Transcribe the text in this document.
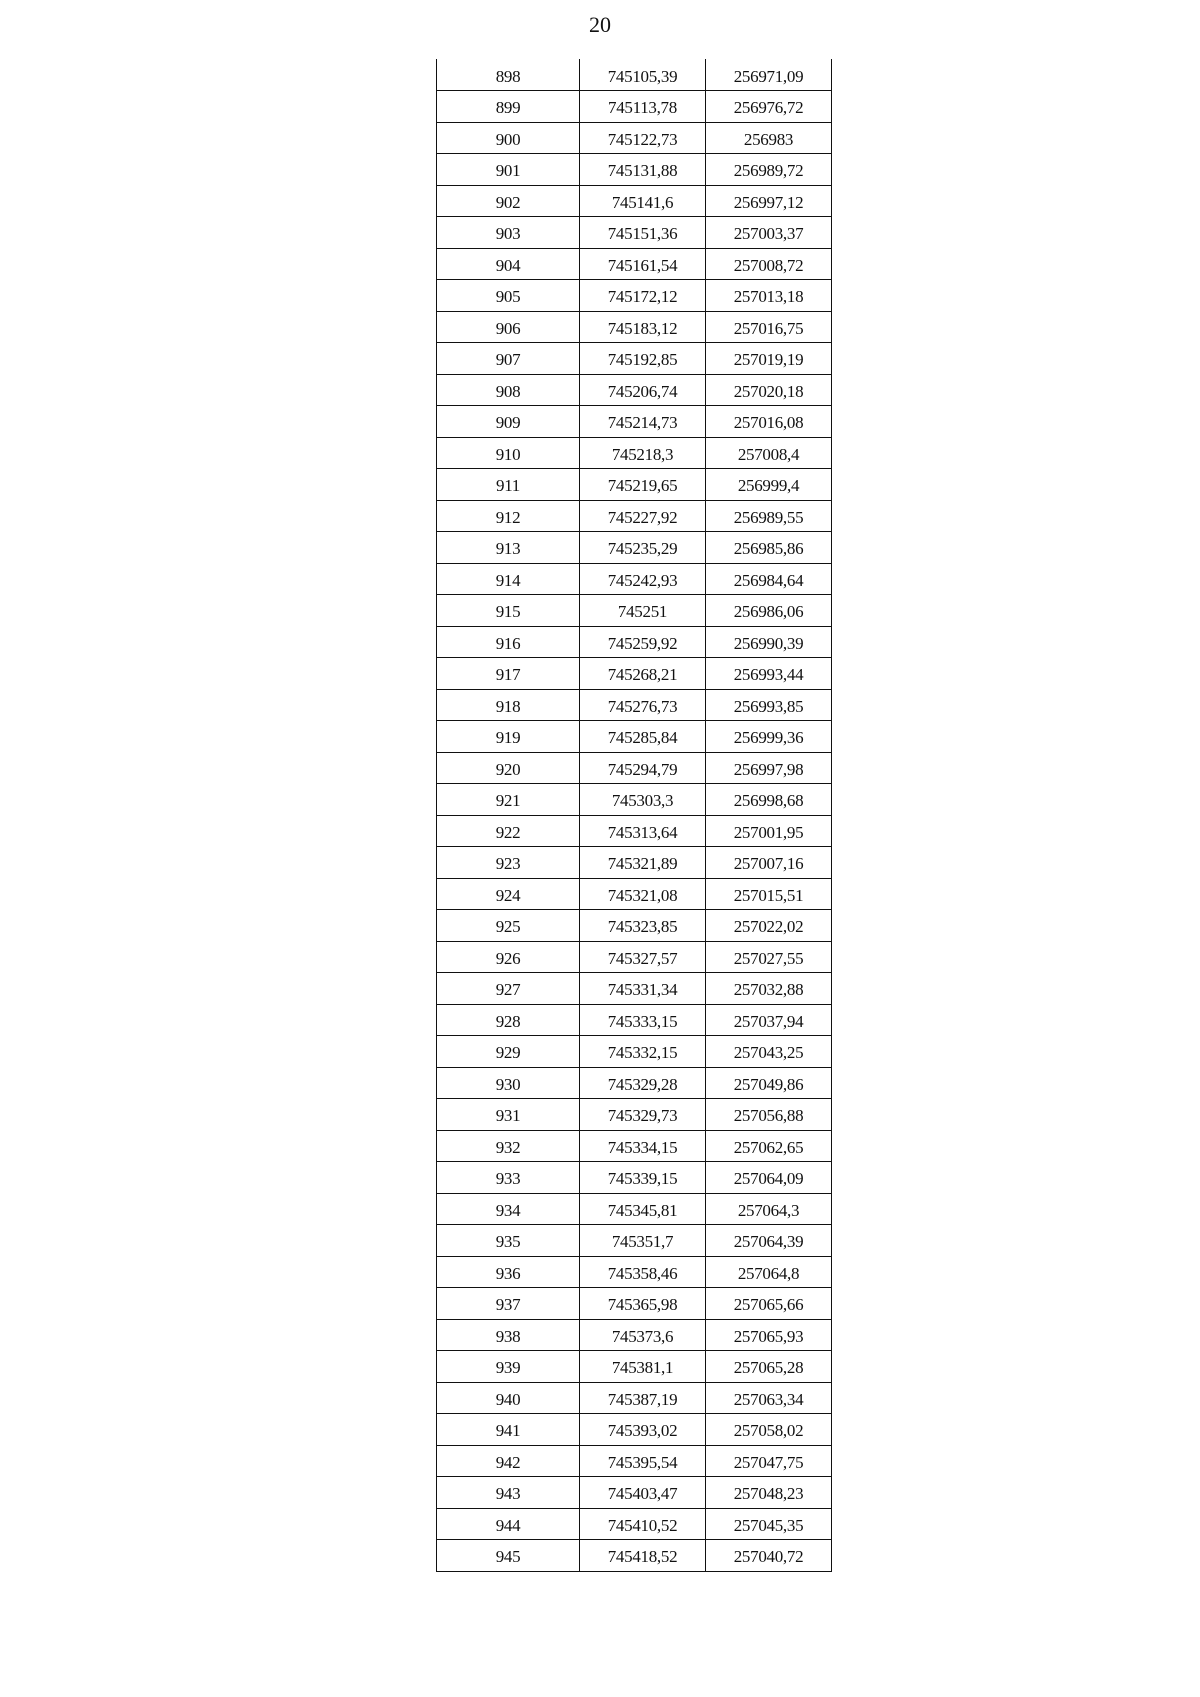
20
898	745105,39	256971,09
899	745113,78	256976,72
900	745122,73	256983
901	745131,88	256989,72
902	745141,6	256997,12
903	745151,36	257003,37
904	745161,54	257008,72
905	745172,12	257013,18
906	745183,12	257016,75
907	745192,85	257019,19
908	745206,74	257020,18
909	745214,73	257016,08
910	745218,3	257008,4
911	745219,65	256999,4
912	745227,92	256989,55
913	745235,29	256985,86
914	745242,93	256984,64
915	745251	256986,06
916	745259,92	256990,39
917	745268,21	256993,44
918	745276,73	256993,85
919	745285,84	256999,36
920	745294,79	256997,98
921	745303,3	256998,68
922	745313,64	257001,95
923	745321,89	257007,16
924	745321,08	257015,51
925	745323,85	257022,02
926	745327,57	257027,55
927	745331,34	257032,88
928	745333,15	257037,94
929	745332,15	257043,25
930	745329,28	257049,86
931	745329,73	257056,88
932	745334,15	257062,65
933	745339,15	257064,09
934	745345,81	257064,3
935	745351,7	257064,39
936	745358,46	257064,8
937	745365,98	257065,66
938	745373,6	257065,93
939	745381,1	257065,28
940	745387,19	257063,34
941	745393,02	257058,02
942	745395,54	257047,75
943	745403,47	257048,23
944	745410,52	257045,35
945	745418,52	257040,72
